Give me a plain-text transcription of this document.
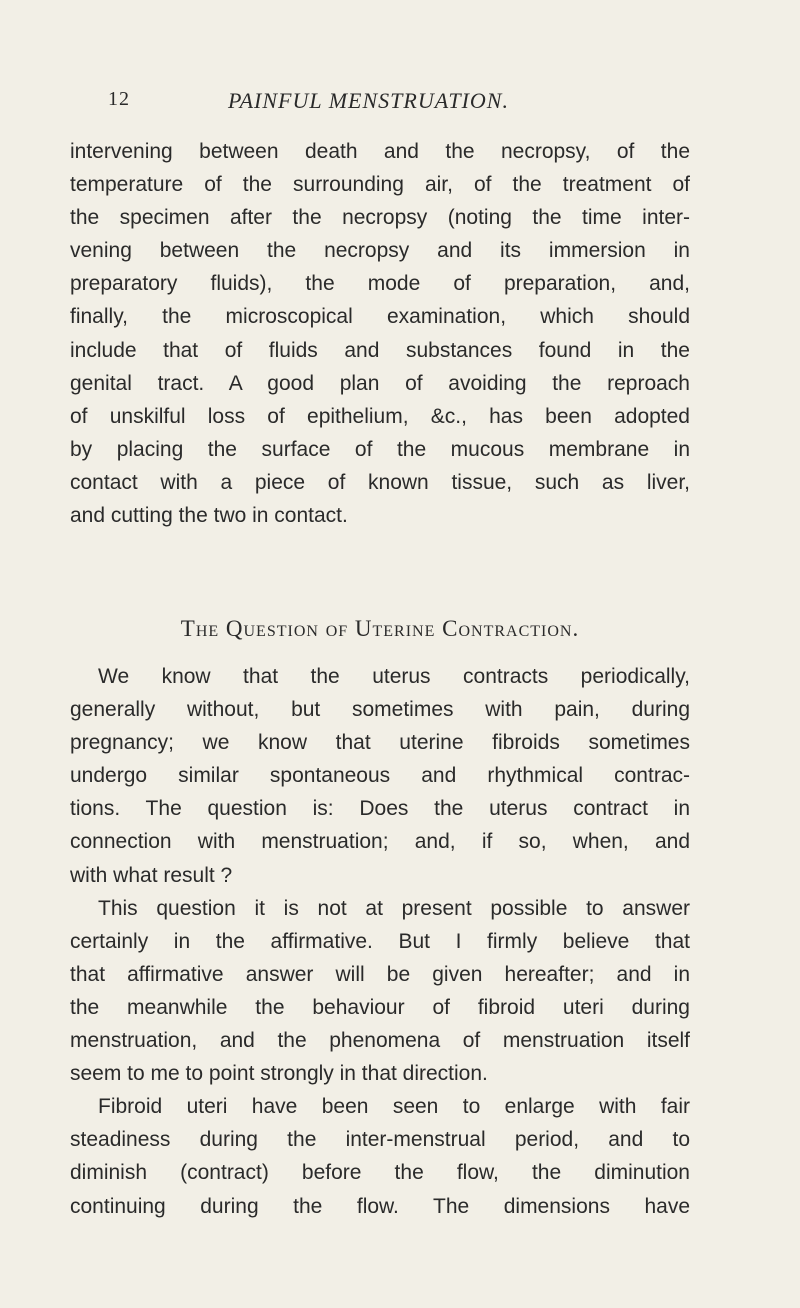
12	PAINFUL MENSTRUATION.
intervening between death and the necropsy, of the
temperature of the surrounding air, of the treatment of
the specimen after the necropsy (noting the time inter-
vening between the necropsy and its immersion in
preparatory fluids), the mode of preparation, and,
finally, the microscopical examination, which should
include that of fluids and substances found in the
genital tract. A good plan of avoiding the reproach
of unskilful loss of epithelium, &c., has been adopted
by placing the surface of the mucous membrane in
contact with a piece of known tissue, such as liver,
and cutting the two in contact.
The Question of Uterine Contraction.
We know that the uterus contracts periodically,
generally without, but sometimes with pain, during
pregnancy; we know that uterine fibroids sometimes
undergo similar spontaneous and rhythmical contrac-
tions. The question is: Does the uterus contract in
connection with menstruation; and, if so, when, and
with what result ?
This question it is not at present possible to answer
certainly in the affirmative. But I firmly believe that
that affirmative answer will be given hereafter; and in
the meanwhile the behaviour of fibroid uteri during
menstruation, and the phenomena of menstruation itself
seem to me to point strongly in that direction.
Fibroid uteri have been seen to enlarge with fair
steadiness during the inter-menstrual period, and to
diminish (contract) before the flow, the diminution
continuing during the flow. The dimensions have
